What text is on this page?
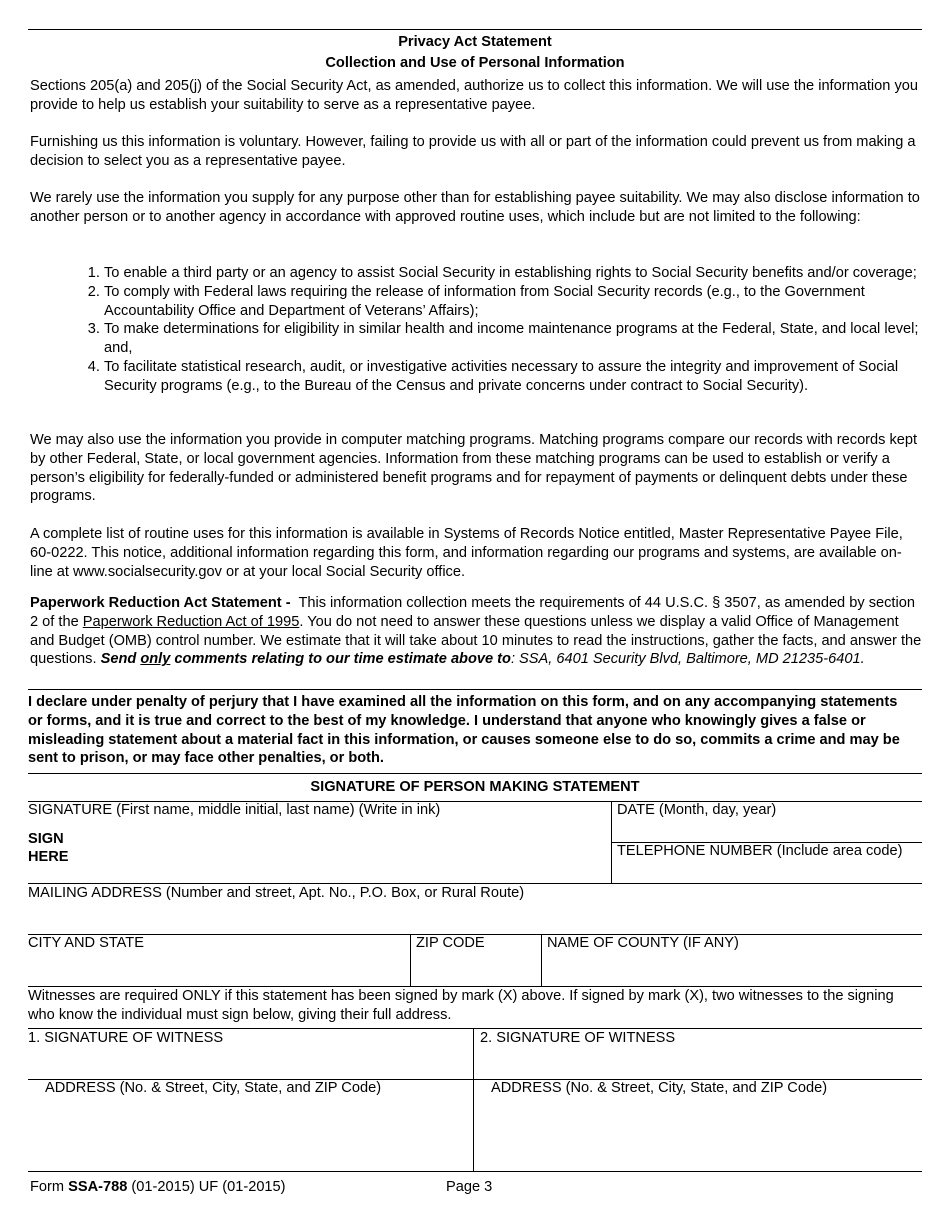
Privacy Act Statement
Collection and Use of Personal Information

Sections 205(a) and 205(j) of the Social Security Act, as amended, authorize us to collect this information. We will use the information you provide to help us establish your suitability to serve as a representative payee.

Furnishing us this information is voluntary. However, failing to provide us with all or part of the information could prevent us from making a decision to select you as a representative payee.

We rarely use the information you supply for any purpose other than for establishing payee suitability. We may also disclose information to another person or to another agency in accordance with approved routine uses, which include but are not limited to the following:

1. To enable a third party or an agency to assist Social Security in establishing rights to Social Security benefits and/or coverage;
2. To comply with Federal laws requiring the release of information from Social Security records (e.g., to the Government Accountability Office and Department of Veterans’ Affairs);
3. To make determinations for eligibility in similar health and income maintenance programs at the Federal, State, and local level; and,
4. To facilitate statistical research, audit, or investigative activities necessary to assure the integrity and improvement of Social Security programs (e.g., to the Bureau of the Census and private concerns under contract to Social Security).

We may also use the information you provide in computer matching programs. Matching programs compare our records with records kept by other Federal, State, or local government agencies. Information from these matching programs can be used to establish or verify a person’s eligibility for federally-funded or administered benefit programs and for repayment of payments or delinquent debts under these programs.

A complete list of routine uses for this information is available in Systems of Records Notice entitled, Master Representative Payee File, 60-0222. This notice, additional information regarding this form, and information regarding our programs and systems, are available on-line at www.socialsecurity.gov or at your local Social Security office.

Paperwork Reduction Act Statement - This information collection meets the requirements of 44 U.S.C. § 3507, as amended by section 2 of the Paperwork Reduction Act of 1995. You do not need to answer these questions unless we display a valid Office of Management and Budget (OMB) control number. We estimate that it will take about 10 minutes to read the instructions, gather the facts, and answer the questions. Send only comments relating to our time estimate above to: SSA, 6401 Security Blvd, Baltimore, MD 21235-6401.

I declare under penalty of perjury that I have examined all the information on this form, and on any accompanying statements or forms, and it is true and correct to the best of my knowledge. I understand that anyone who knowingly gives a false or misleading statement about a material fact in this information, or causes someone else to do so, commits a crime and may be sent to prison, or may face other penalties, or both.

SIGNATURE OF PERSON MAKING STATEMENT
SIGNATURE (First name, middle initial, last name) (Write in ink)
SIGN
HERE
DATE (Month, day, year)
TELEPHONE NUMBER (Include area code)
MAILING ADDRESS (Number and street, Apt. No., P.O. Box, or Rural Route)
CITY AND STATE	ZIP CODE	NAME OF COUNTY (IF ANY)

Witnesses are required ONLY if this statement has been signed by mark (X) above. If signed by mark (X), two witnesses to the signing who know the individual must sign below, giving their full address.

1. SIGNATURE OF WITNESS	2. SIGNATURE OF WITNESS
ADDRESS (No. & Street, City, State, and ZIP Code)	ADDRESS (No. & Street, City, State, and ZIP Code)
Form SSA-788 (01-2015) UF (01-2015)	Page 3
